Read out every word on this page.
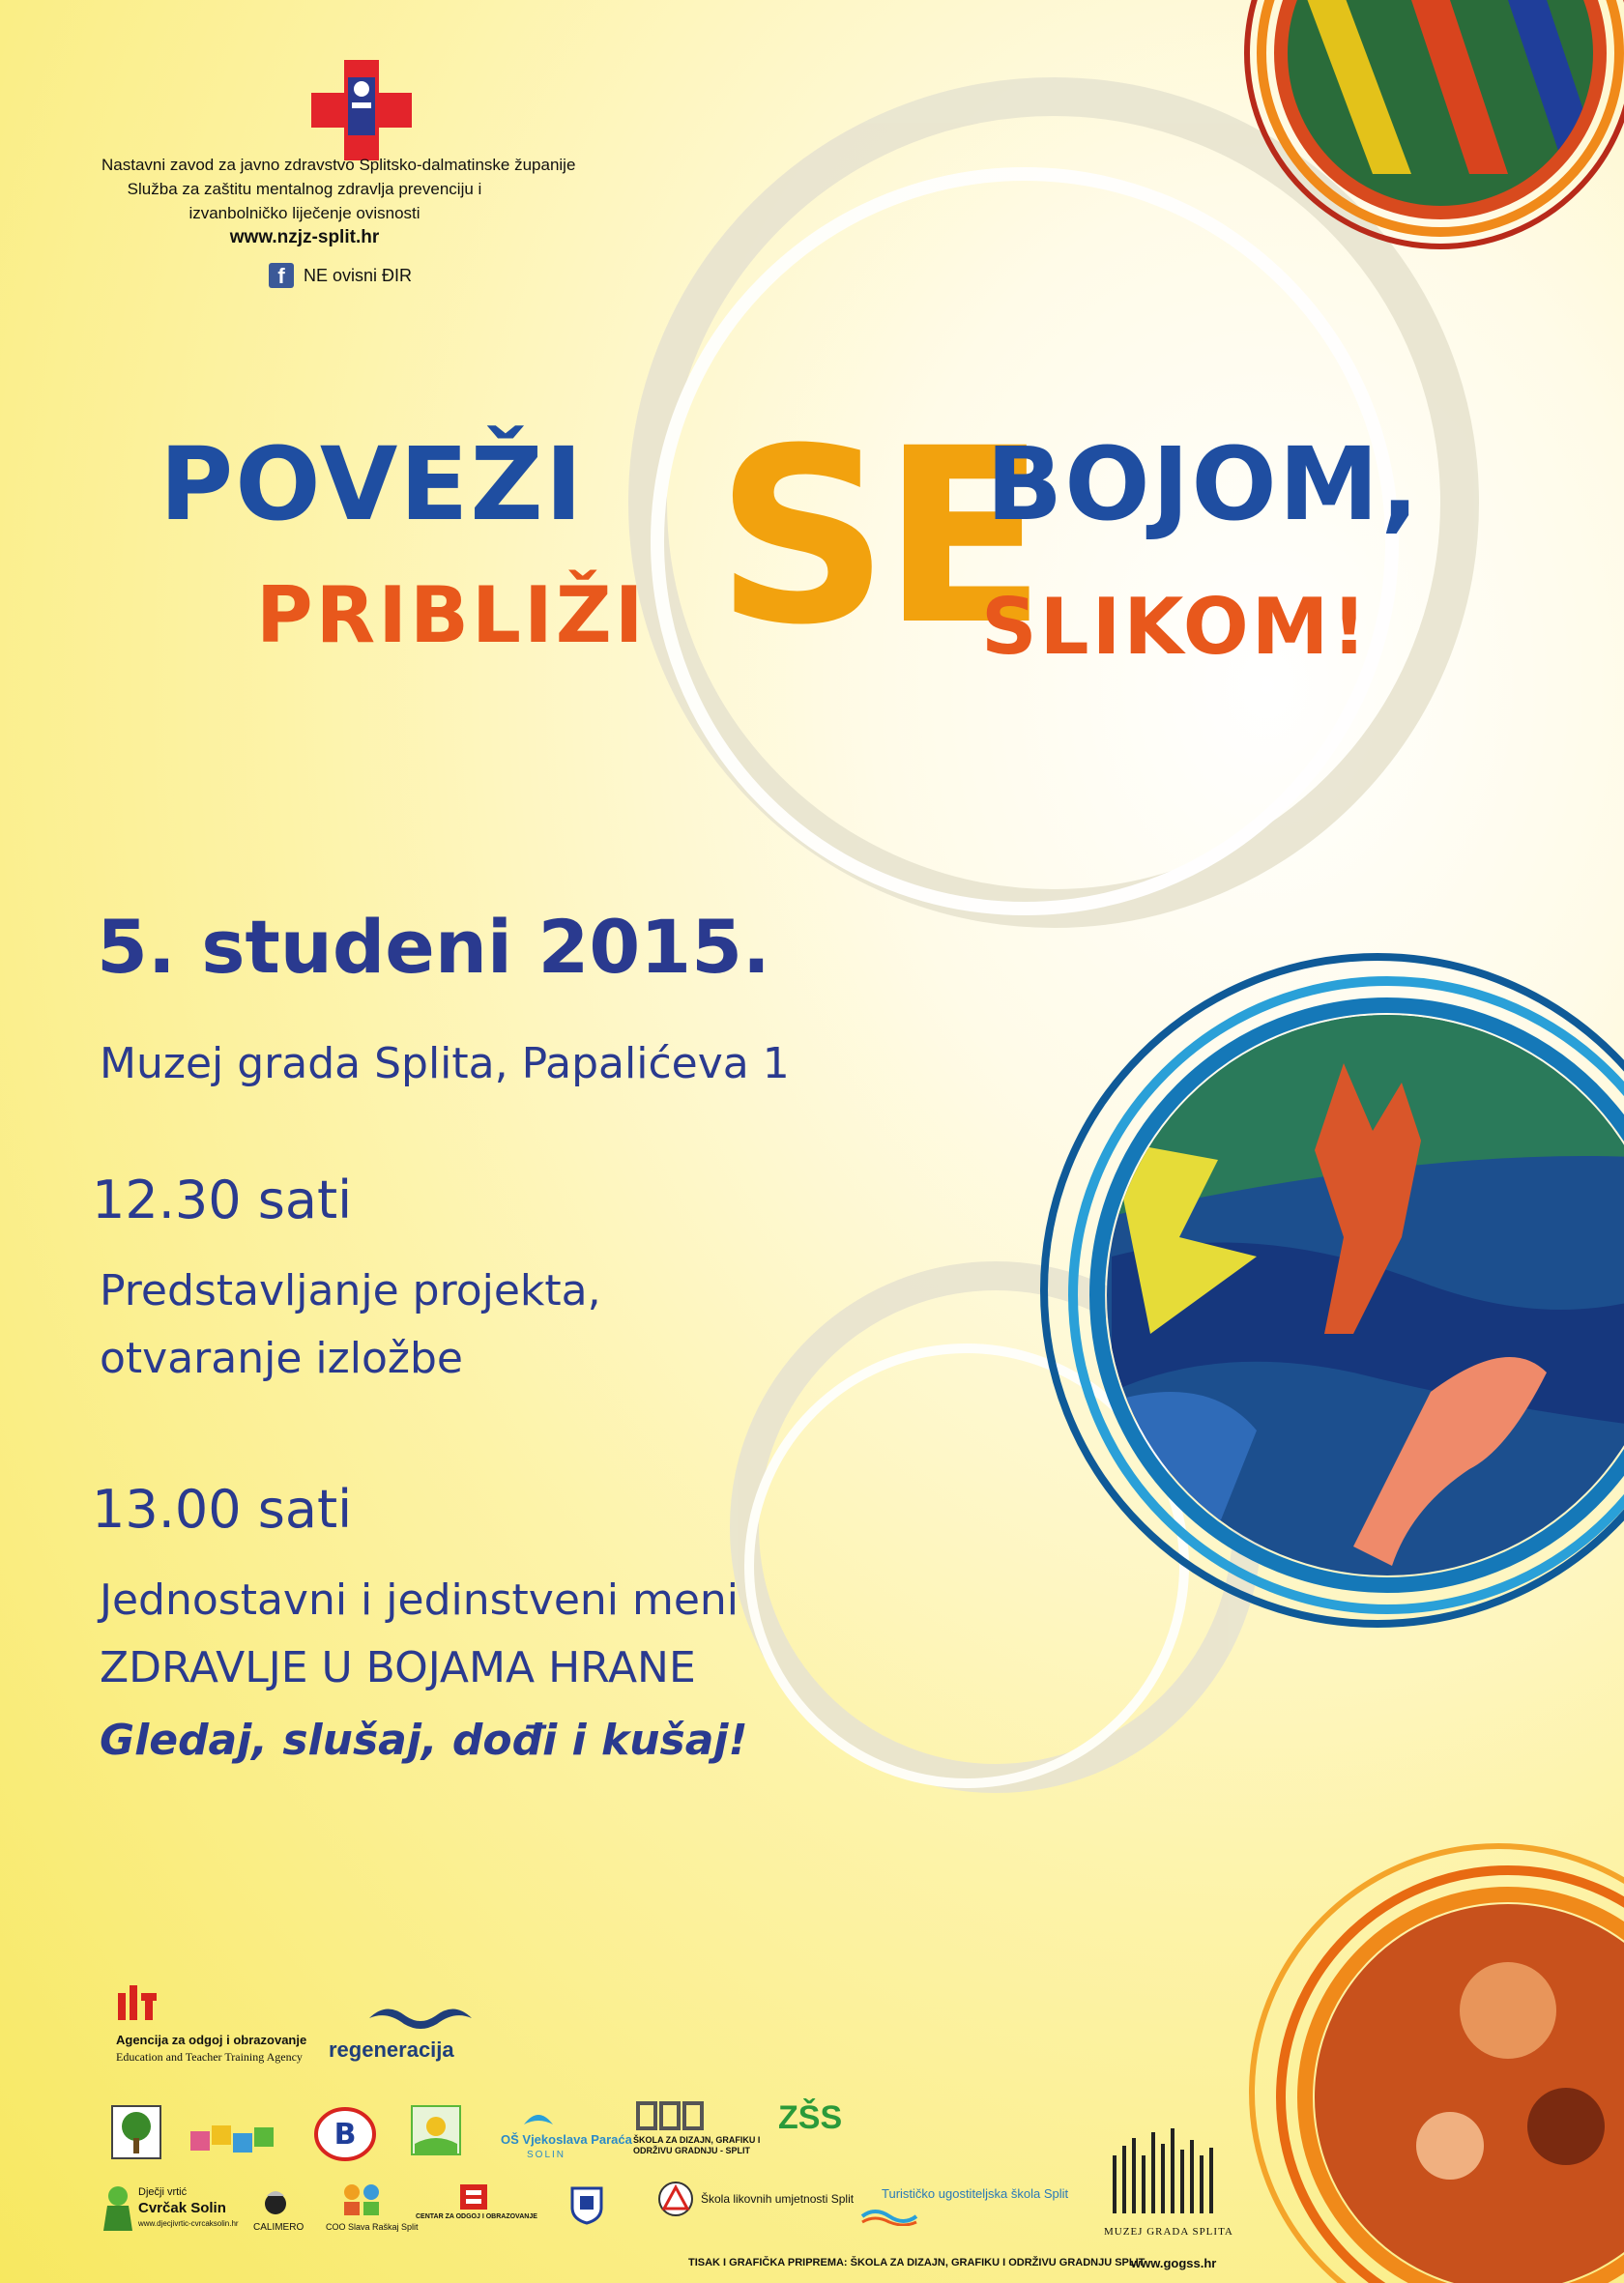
Nastavni zavod za javno zdravstvo Splitsko-dalmatinske županije
Služba za zaštitu mentalnog zdravlja prevenciju i
izvanbolničko liječenje ovisnosti
www.nzjz-split.hr
f	NE ovisni ĐIR
POVEŽI SE
BOJOM,
PRIBLIŽI	SLIKOM!
5. studeni 2015.
Muzej grada Splita, Papalićeva 1
12.30 sati
Predstavljanje projekta,
otvaranje izložbe
13.00 sati
Jednostavni i jedinstveni meni
ZDRAVLJE U BOJAMA HRANE
Gledaj, slušaj, dođi i kušaj!
Agencija za odgoj i obrazovanje
Education and Teacher Training Agency regeneracija
B	OŠ Vjekoslava Paraća
SOLIN
ŠKOLA ZA DIZAJN, GRAFIKU I
ODRŽIVU GRADNJU - SPLIT
ZŠS
Dječji vrtić
Cvrčak Solin
www.djecjivrtic-cvrcaksolin.hr CALIMERO	COO Slava Raškaj Split
CENTAR ZA ODGOJ I OBRAZOVANJE
Škola likovnih umjetnosti Split Turističko ugostiteljska škola Split
MUZEJ GRADA SPLITA
TISAK I GRAFIČKA PRIPREMA: ŠKOLA ZA DIZAJN, GRAFIKU I ODRŽIVU GRADNJU SPLIT
www.gogss.hr
